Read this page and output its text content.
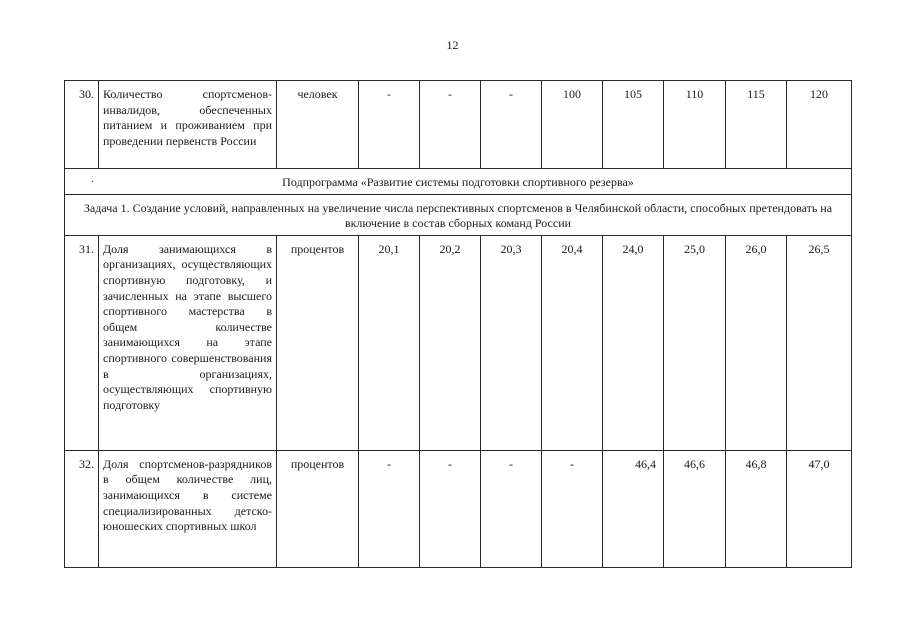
12
30.	Количество спортсменов-инвалидов, обеспеченных питанием и проживанием при проведении первенств России	человек	-	-	-	100	105	110	115	120

· Подпрограмма «Развитие системы подготовки спортивного резерва»										
Задача 1. Создание условий, направленных на увеличение числа перспективных спортсменов в Челябинской области, способных претендовать на включение в состав сборных команд России										
31.	Доля занимающихся в организациях, осуществляющих спортивную подготовку, и зачисленных на этапе высшего спортивного мастерства в общем количестве занимающихся на этапе спортивного совершенствования в организациях, осуществляющих спортивную подготовку	процентов	20,1	20,2	20,3	20,4	24,0	25,0	26,0	26,5
32.	Доля спортсменов-разрядников в общем количестве лиц, занимающихся в системе специализированных детско-юношеских спортивных школ	процентов	-	-	-	-	46,4	46,6	46,8	47,0
